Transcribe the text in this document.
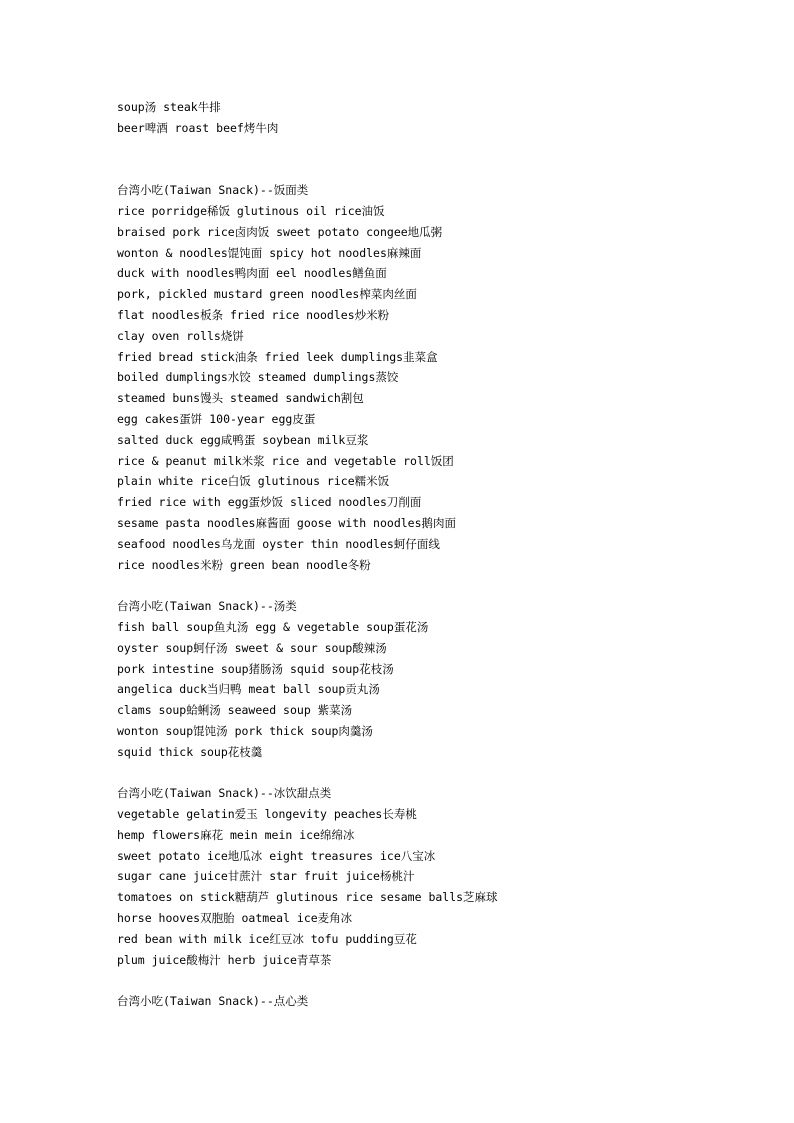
soup汤 steak牛排
beer啤酒 roast beef烤牛肉
台湾小吃(Taiwan Snack)--饭面类
rice porridge稀饭 glutinous oil rice油饭
braised pork rice卤肉饭 sweet potato congee地瓜粥
wonton & noodles馄饨面 spicy hot noodles麻辣面
duck with noodles鸭肉面 eel noodles鳝鱼面
pork, pickled mustard green noodles榨菜肉丝面
flat noodles板条 fried rice noodles炒米粉
clay oven rolls烧饼
fried bread stick油条 fried leek dumplings韭菜盒
boiled dumplings水饺 steamed dumplings蒸饺
steamed buns馒头 steamed sandwich割包
egg cakes蛋饼 100-year egg皮蛋
salted duck egg咸鸭蛋 soybean milk豆浆
rice & peanut milk米浆 rice and vegetable roll饭团
plain white rice白饭 glutinous rice糯米饭
fried rice with egg蛋炒饭 sliced noodles刀削面
sesame pasta noodles麻酱面 goose with noodles鹅肉面
seafood noodles乌龙面 oyster thin noodles蚵仔面线
rice noodles米粉 green bean noodle冬粉
台湾小吃(Taiwan Snack)--汤类
fish ball soup鱼丸汤 egg & vegetable soup蛋花汤
oyster soup蚵仔汤 sweet & sour soup酸辣汤
pork intestine soup猪肠汤 squid soup花枝汤
angelica duck当归鸭 meat ball soup贡丸汤
clams soup蛤蜊汤 seaweed soup 紫菜汤
wonton soup馄饨汤 pork thick soup肉羹汤
squid thick soup花枝羹
台湾小吃(Taiwan Snack)--冰饮甜点类
vegetable gelatin爱玉 longevity peaches长寿桃
hemp flowers麻花 mein mein ice绵绵冰
sweet potato ice地瓜冰 eight treasures ice八宝冰
sugar cane juice甘蔗汁 star fruit juice杨桃汁
tomatoes on stick糖葫芦 glutinous rice sesame balls芝麻球
horse hooves双胞胎 oatmeal ice麦角冰
red bean with milk ice红豆冰 tofu pudding豆花
plum juice酸梅汁 herb juice青草茶
台湾小吃(Taiwan Snack)--点心类
